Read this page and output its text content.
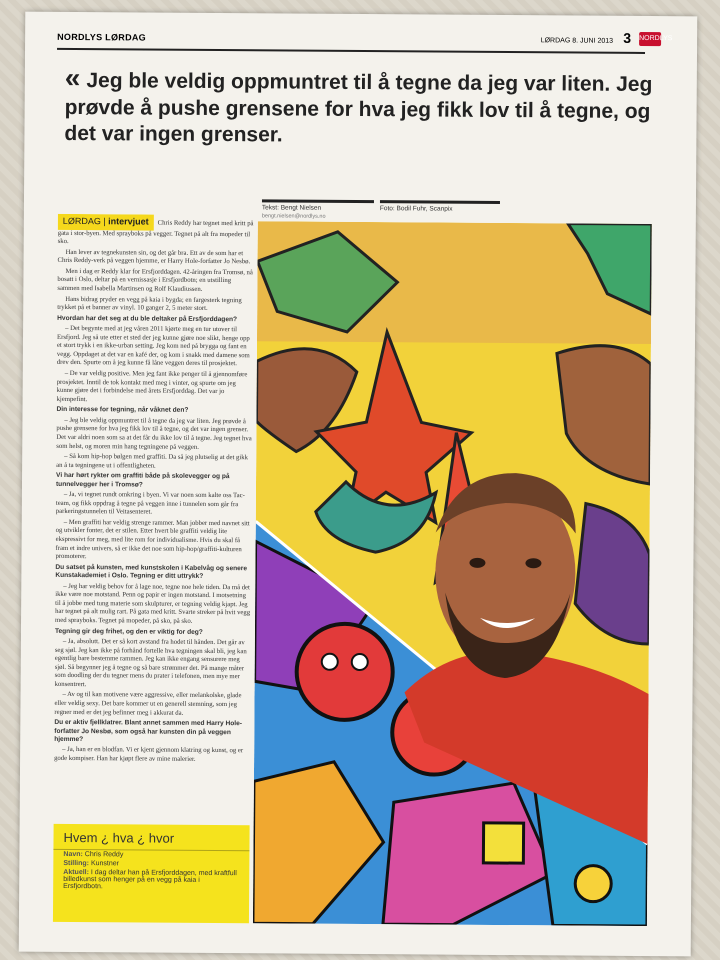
NORDLYS LØRDAG	LØRDAG 8. JUNI 2013 3 NORDLYS
« Jeg ble veldig oppmuntret til å tegne da jeg var liten. Jeg prøvde å pushe grensene for hva jeg fikk lov til å tegne, og det var ingen grenser.
Tekst: Bengt Nielsen
bengt.nielsen@nordlys.no
Foto: Bodil Fuhr, Scanpix

LØRDAG | intervjuet Chris Reddy har tegnet med kritt på gata i stor-byen. Med sprayboks på vegger. Tegnet på alt fra mopeder til sko.

Han lever av tegnekunsten sin, og det går bra. Ett av de som har et Chris Reddy-verk på veggen hjemme, er Harry Hole-forfatter Jo Nesbø.

Men i dag er Reddy klar for Ersfjorddagen. 42-åringen fra Tromsø, nå bosatt i Oslo, deltar på en vernissasje i Ersfjordbotn; en utstilling sammen med Isabella Martinsen og Rolf Klaudiussen.

Hans bidrag pryder en vegg på kaia i bygda; en fargesterk tegning trykket på et banner av vinyl. 10 ganger 2, 5 meter stort.

Hvordan har det seg at du ble deltaker på Ersfjorddagen?

– Det begynte med at jeg våren 2011 kjørte meg en tur utover til Ersfjord. Jeg så ute etter et sted der jeg kunne gjøre noe slikt, henge opp et stort trykk i en ikke-urban setting. Jeg kom ned på brygga og fant en vegg. Oppdaget at det var en kafé der, og kom i snakk med damene som drev den. Spurte om å jeg kunne få låne veggen deres til prosjektet.

– De var veldig positive. Men jeg fant ikke penger til å gjennomføre prosjektet. Inntil de tok kontakt med meg i vinter, og spurte om jeg kunne gjøre det i forbindelse med årets Ersfjorddag. Det var jo kjempefint.

Din interesse for tegning, når våknet den?

– Jeg ble veldig oppmuntret til å tegne da jeg var liten. Jeg prøvde å pushe grensene for hva jeg fikk lov til å tegne, og det var ingen grenser. Det var aldri noen som sa at det får du ikke lov til å tegne. Jeg tegnet hva som helst, og moren min hang tegningene på veggen.

– Så kom hip-hop bølgen med graffiti. Da så jeg plutselig at det gikk an å ta tegningene ut i offentligheten.

Vi har hørt rykter om graffiti både på skolevegger og på tunnelvegger her i Tromsø?

– Ja, vi tegnet rundt omkring i byen. Vi var noen som kalte oss Tac-team, og fikk oppdrag å tegne på veggen inne i tunnelen som går fra parkeringstunnelen til Veitasenteret.

– Men graffiti har veldig strenge rammer. Man jobber med navnet sitt og utvikler fonter, det er stilen. Etter hvert ble graffiti veldig lite ekspressivt for meg, med lite rom for individualisme. Hvis du skal få fram et indre univers, så er ikke det noe som hip-hop/graffiti-kulturen promoterer.

Du satset på kunsten, med kunstskolen i Kabelvåg og senere Kunstakademiet i Oslo. Tegning er ditt uttrykk?

– Jeg har veldig behov for å lage noe, tegne noe hele tiden. Da må det ikke være noe motstand. Penn og papir er ingen motstand. I motsetning til å jobbe med tung materie som skulpturer, er tegning veldig kjapt. Jeg har tegnet på alt mulig rart. På gata med kritt. Svarte streker på hvit vegg med sprayboks. Tegnet på mopeder, på sko, på sko.

Tegning gir deg frihet, og den er viktig for deg?

– Ja, absolutt. Det er så kort avstand fra hodet til hånden. Det går av seg sjøl. Jeg kan ikke på forhånd fortelle hva tegningen skal bli, jeg kan egentlig bare bestemme rammen. Jeg kan ikke engang sensurere meg sjøl. Så begynner jeg å tegne og så bare strømmer det. På mange måter som doodling der du tegner mens du prater i telefonen, men mye mer konsentrert.

– Av og til kan motivene være aggressive, eller melankolske, glade eller veldig sexy. Det bare kommer ut en generell stemning, som jeg regner med er det jeg befinner meg i akkurat da.

Du er aktiv fjellklatrer. Blant annet sammen med Harry Hole-forfatter Jo Nesbø, som også har kunsten din på veggen hjemme?

– Ja, han er en blodfan. Vi er kjent gjennom klatring og kunst, og er gode kompiser. Han har kjøpt flere av mine malerier.

Hvem ¿ hva ¿ hvor
Navn: Chris Reddy
Stilling: Kunstner
Aktuell: I dag deltar han på Ersfjorddagen, med kraftfull billedkunst som henger på en vegg på kaia i Ersfjordbotn.
